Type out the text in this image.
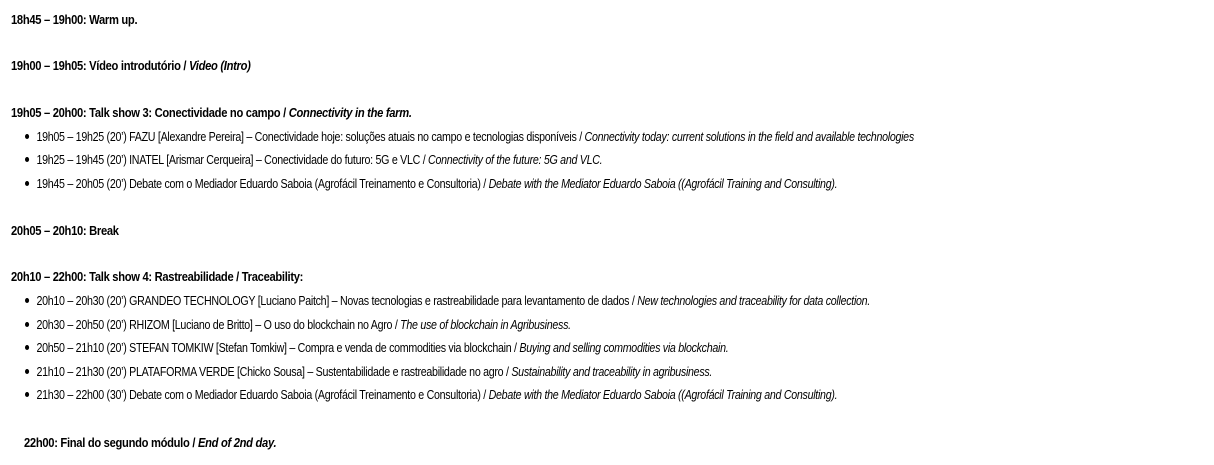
18h45 – 19h00: Warm up.
19h00 – 19h05: Vídeo introdutório / Video (Intro)
19h05 – 20h00: Talk show 3: Conectividade no campo / Connectivity in the farm.
19h05 – 19h25 (20’) FAZU [Alexandre Pereira] – Conectividade hoje: soluções atuais no campo e tecnologias disponíveis / Connectivity today: current solutions in the field and available technologies
19h25 – 19h45 (20’) INATEL [Arismar Cerqueira] – Conectividade do futuro: 5G e VLC / Connectivity of the future: 5G and VLC.
19h45 – 20h05 (20’) Debate com o Mediador Eduardo Saboia (Agrofácil Treinamento e Consultoria) / Debate with the Mediator Eduardo Saboia ((Agrofácil Training and Consulting).
20h05 – 20h10: Break
20h10 – 22h00: Talk show 4: Rastreabilidade / Traceability:
20h10 – 20h30 (20’) GRANDEO TECHNOLOGY [Luciano Paitch] – Novas tecnologias e rastreabilidade para levantamento de dados / New technologies and traceability for data collection.
20h30 – 20h50 (20’) RHIZOM [Luciano de Britto] – O uso do blockchain no Agro / The use of blockchain in Agribusiness.
20h50 – 21h10 (20’) STEFAN TOMKIW [Stefan Tomkiw] – Compra e venda de commodities via blockchain / Buying and selling commodities via blockchain.
21h10 – 21h30 (20’) PLATAFORMA VERDE [Chicko Sousa] – Sustentabilidade e rastreabilidade no agro / Sustainability and traceability in agribusiness.
21h30 – 22h00 (30’) Debate com o Mediador Eduardo Saboia (Agrofácil Treinamento e Consultoria) / Debate with the Mediator Eduardo Saboia ((Agrofácil Training and Consulting).
22h00: Final do segundo módulo / End of 2nd day.
